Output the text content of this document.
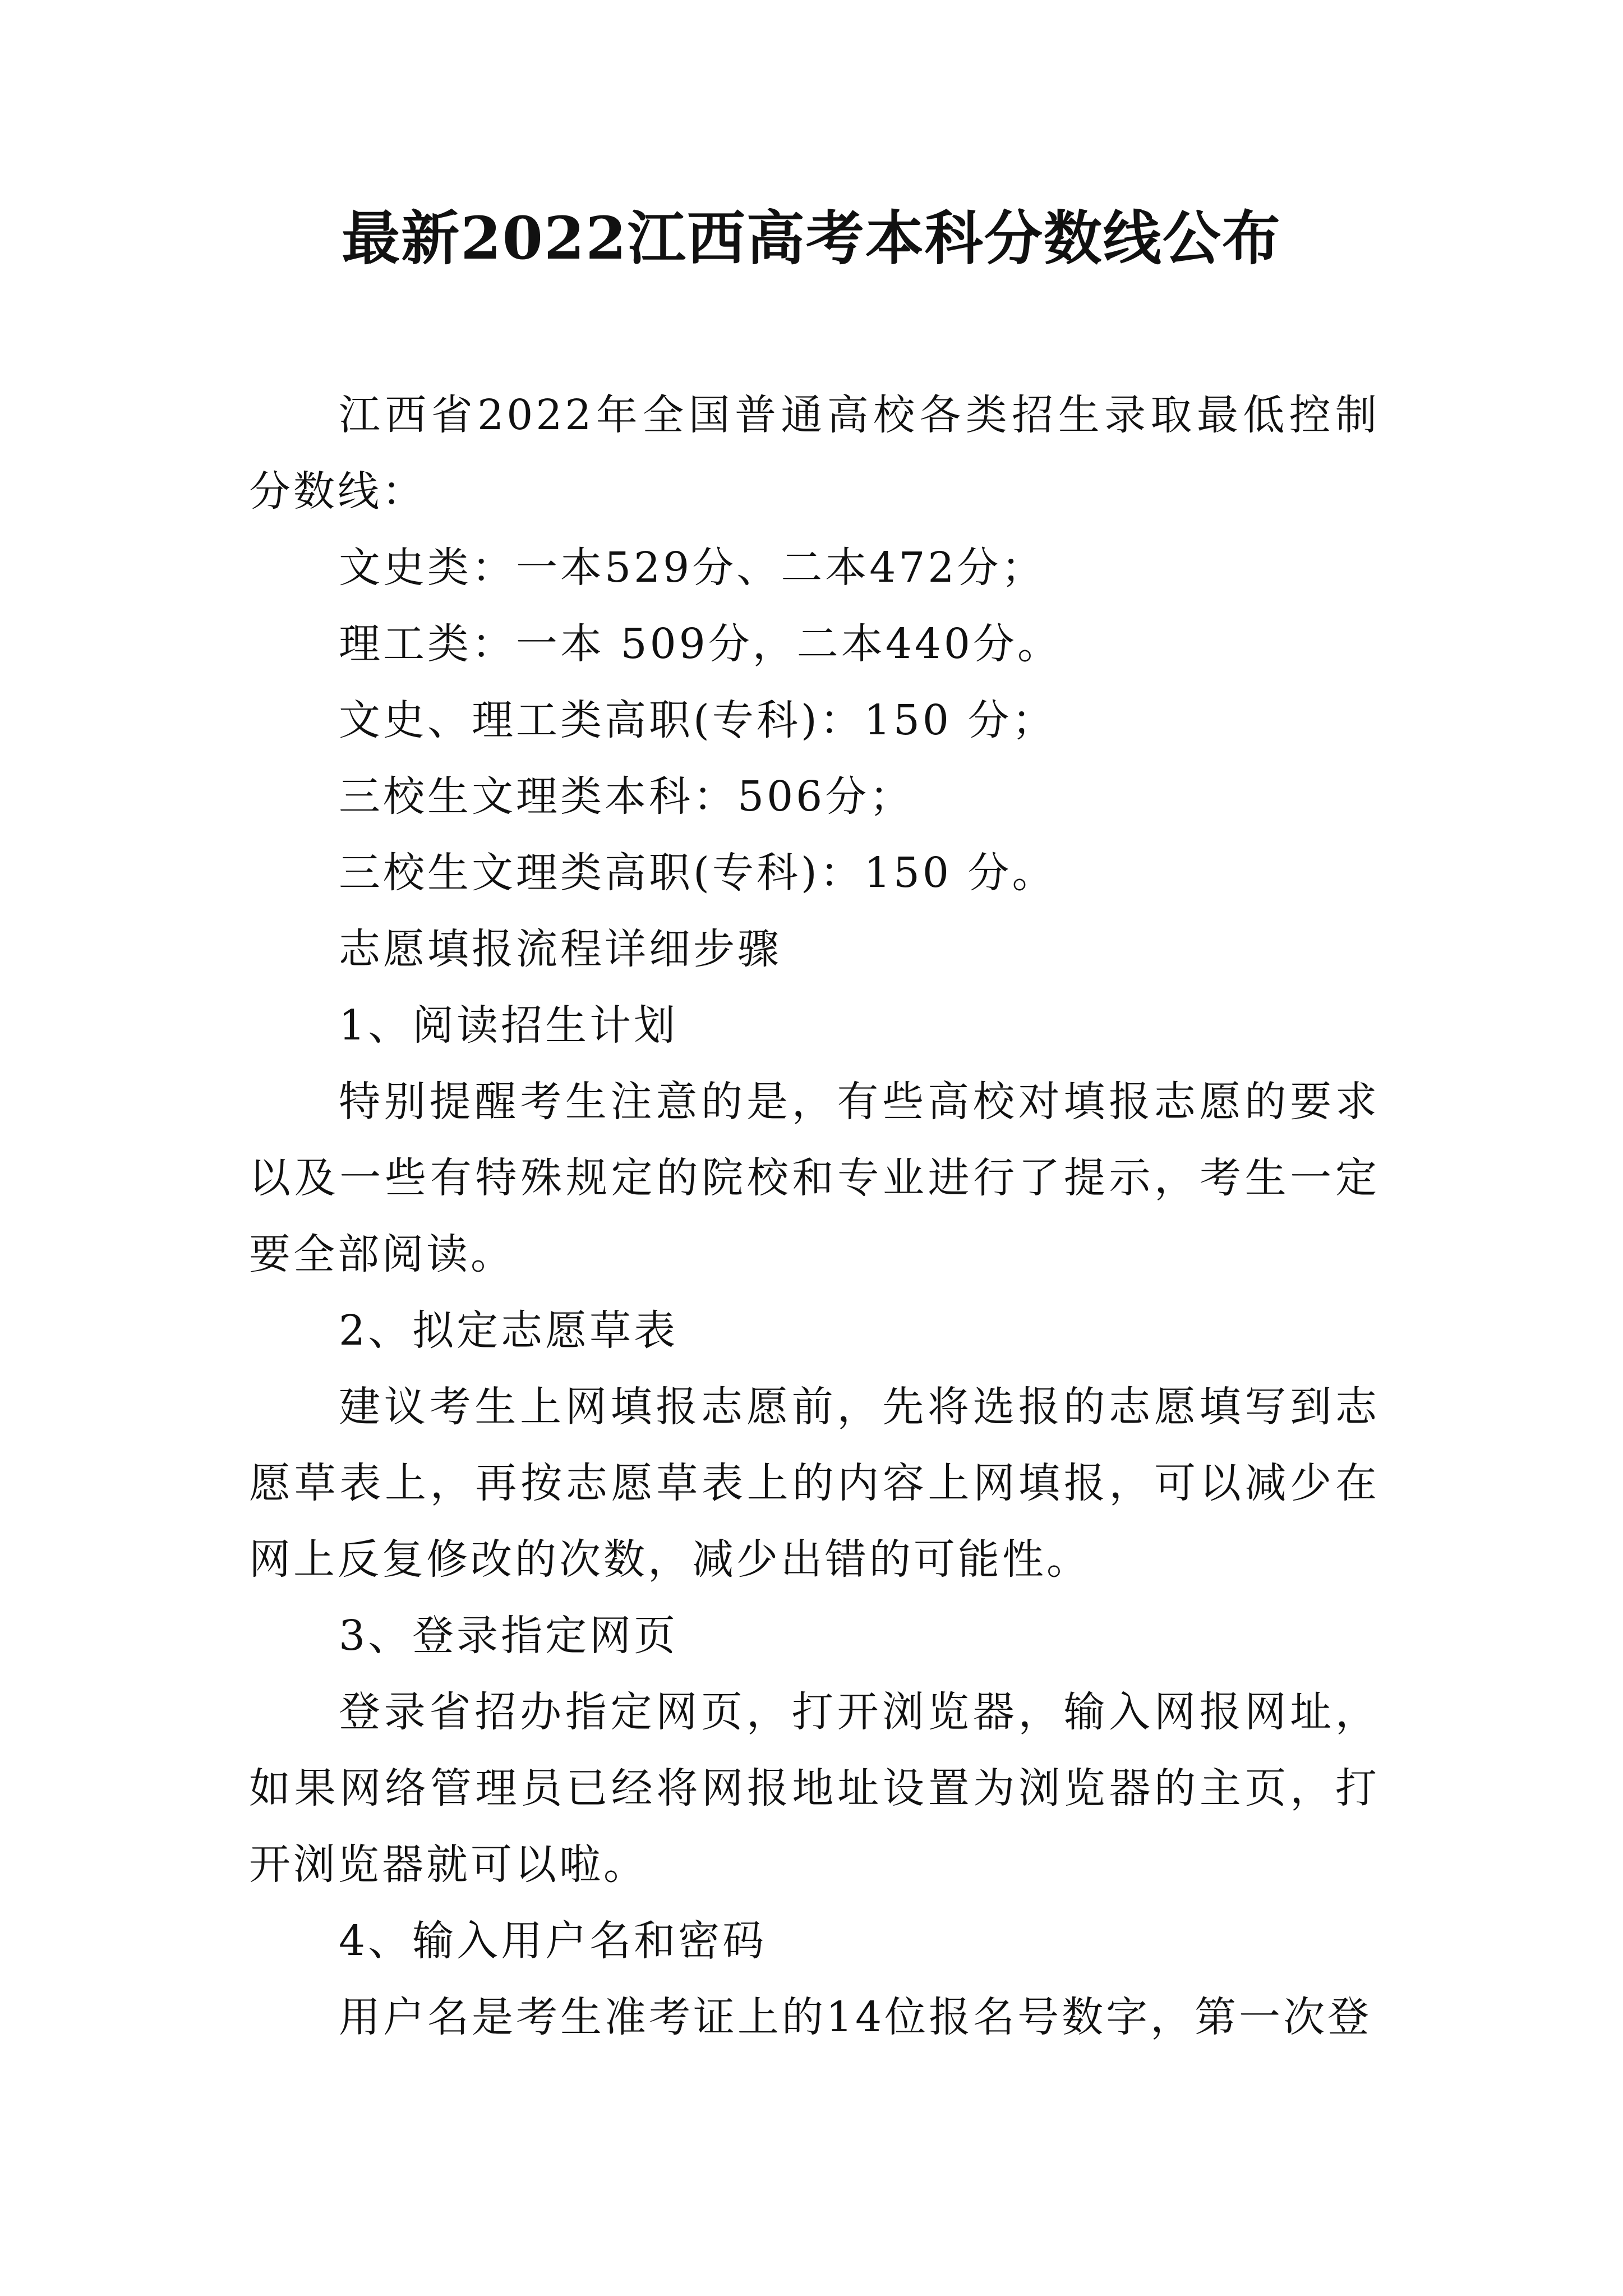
最新2022江西高考本科分数线公布

江西省2022年全国普通高校各类招生录取最低控制分数线：

文史类：一本529分、二本472分；

理工类：一本 509分，二本440分。

文史、理工类高职(专科)：150 分；

三校生文理类本科：506分；

三校生文理类高职(专科)：150 分。

志愿填报流程详细步骤

1、阅读招生计划

特别提醒考生注意的是，有些高校对填报志愿的要求以及一些有特殊规定的院校和专业进行了提示，考生一定要全部阅读。

2、拟定志愿草表

建议考生上网填报志愿前，先将选报的志愿填写到志愿草表上，再按志愿草表上的内容上网填报，可以减少在网上反复修改的次数，减少出错的可能性。

3、登录指定网页

登录省招办指定网页，打开浏览器，输入网报网址，如果网络管理员已经将网报地址设置为浏览器的主页，打开浏览器就可以啦。

4、输入用户名和密码

用户名是考生准考证上的14位报名号数字，第一次登
